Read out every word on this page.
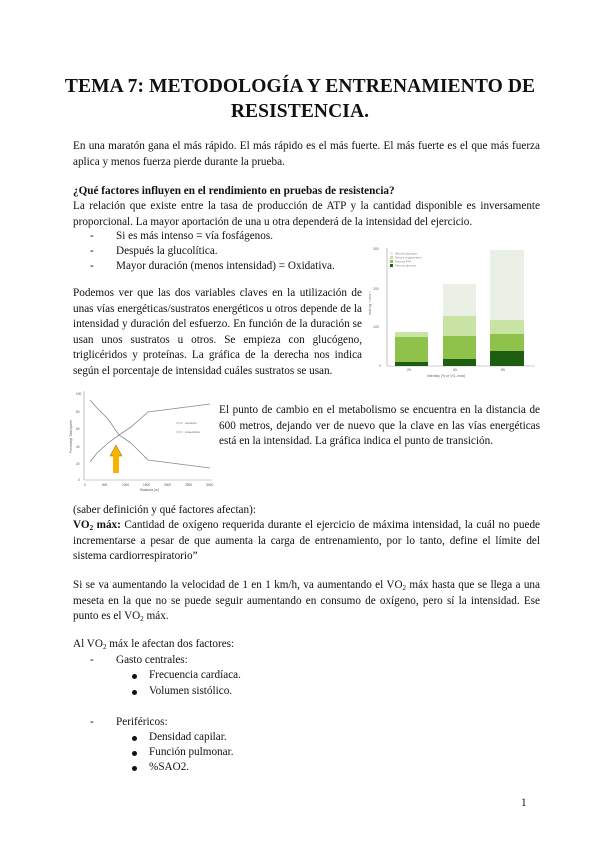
TEMA 7: METODOLOGÍA Y ENTRENAMIENTO DE
RESISTENCIA.
En una maratón gana el más rápido. El más rápido es el más fuerte. El más fuerte es el que más fuerza aplica y menos fuerza pierde durante la prueba.
¿Qué factores influyen en el rendimiento en pruebas de resistencia?
La relación que existe entre la tasa de producción de ATP y la cantidad disponible es inversamente proporcional. La mayor aportación de una u otra dependerá de la intensidad del ejercicio.
- Si es más intenso = vía fosfágenos.
- Después la glucolítica.
- Mayor duración (menos intensidad) = Oxidativa.
Podemos ver que las dos variables claves en la utilización de unas vías energéticas/sustratos energéticos u otros depende de la intensidad y duración del esfuerzo. En función de la duración se usan unos sustratos u otros. Se empieza con glucógeno, triglicéridos y proteínas. La gráfica de la derecha nos indica según el porcentaje de intensidad cuáles sustratos se usan.
300
200
100
0
25	65	85
Intensity (% of VO₂ max)
kcal·kg⁻¹·min⁻¹
Muscle glycogen
Muscle triglycerides
Plasma FFA
Plasma glucose
0	500	1000	1500	2000	2500	3000
Distancia (m)
Porcentaje Total Aporte
100
80
60
40
20
0
Aeróbico
Anaeróbico
El punto de cambio en el metabolismo se encuentra en la distancia de 600 metros, dejando ver de nuevo que la clave en las vías energéticas está en la intensidad. La gráfica indica el punto de transición.
(saber definición y qué factores afectan):
$VO_2$ máx: Cantidad de oxígeno requerida durante el ejercicio de máxima intensidad, la cuál no puede incrementarse a pesar de que aumenta la carga de entrenamiento, por lo tanto, define el límite del sistema cardiorrespiratorio”
Si se va aumentando la velocidad de 1 en 1 km/h, va aumentando el $VO_2$ máx hasta que se llega a una meseta en la que no se puede seguir aumentando en consumo de oxígeno, pero sí la intensidad. Ese punto es el $VO_2$ máx.
Al $VO_2$ máx le afectan dos factores:
- Gasto centrales:
Frecuencia cardíaca.
Volumen sistólico.
- Periféricos:
Densidad capilar.
Función pulmonar.
%SAO2.
1
